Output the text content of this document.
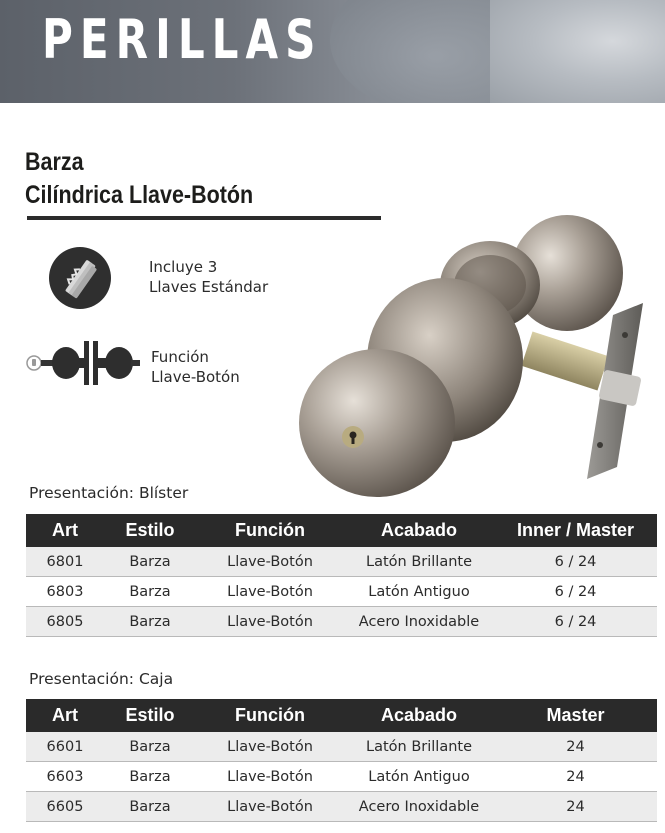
PERILLAS
Barza
Cilíndrica Llave-Botón
Incluye 3
Llaves Estándar
Función
Llave-Botón
Presentación: Blíster
Art	Estilo	Función	Acabado	Inner / Master
6801	Barza	Llave-Botón	Latón Brillante	6 / 24
6803	Barza	Llave-Botón	Latón Antiguo	6 / 24
6805	Barza	Llave-Botón	Acero Inoxidable	6 / 24
Presentación: Caja
Art	Estilo	Función	Acabado	Master
6601	Barza	Llave-Botón	Latón Brillante	24
6603	Barza	Llave-Botón	Latón Antiguo	24
6605	Barza	Llave-Botón	Acero Inoxidable	24
